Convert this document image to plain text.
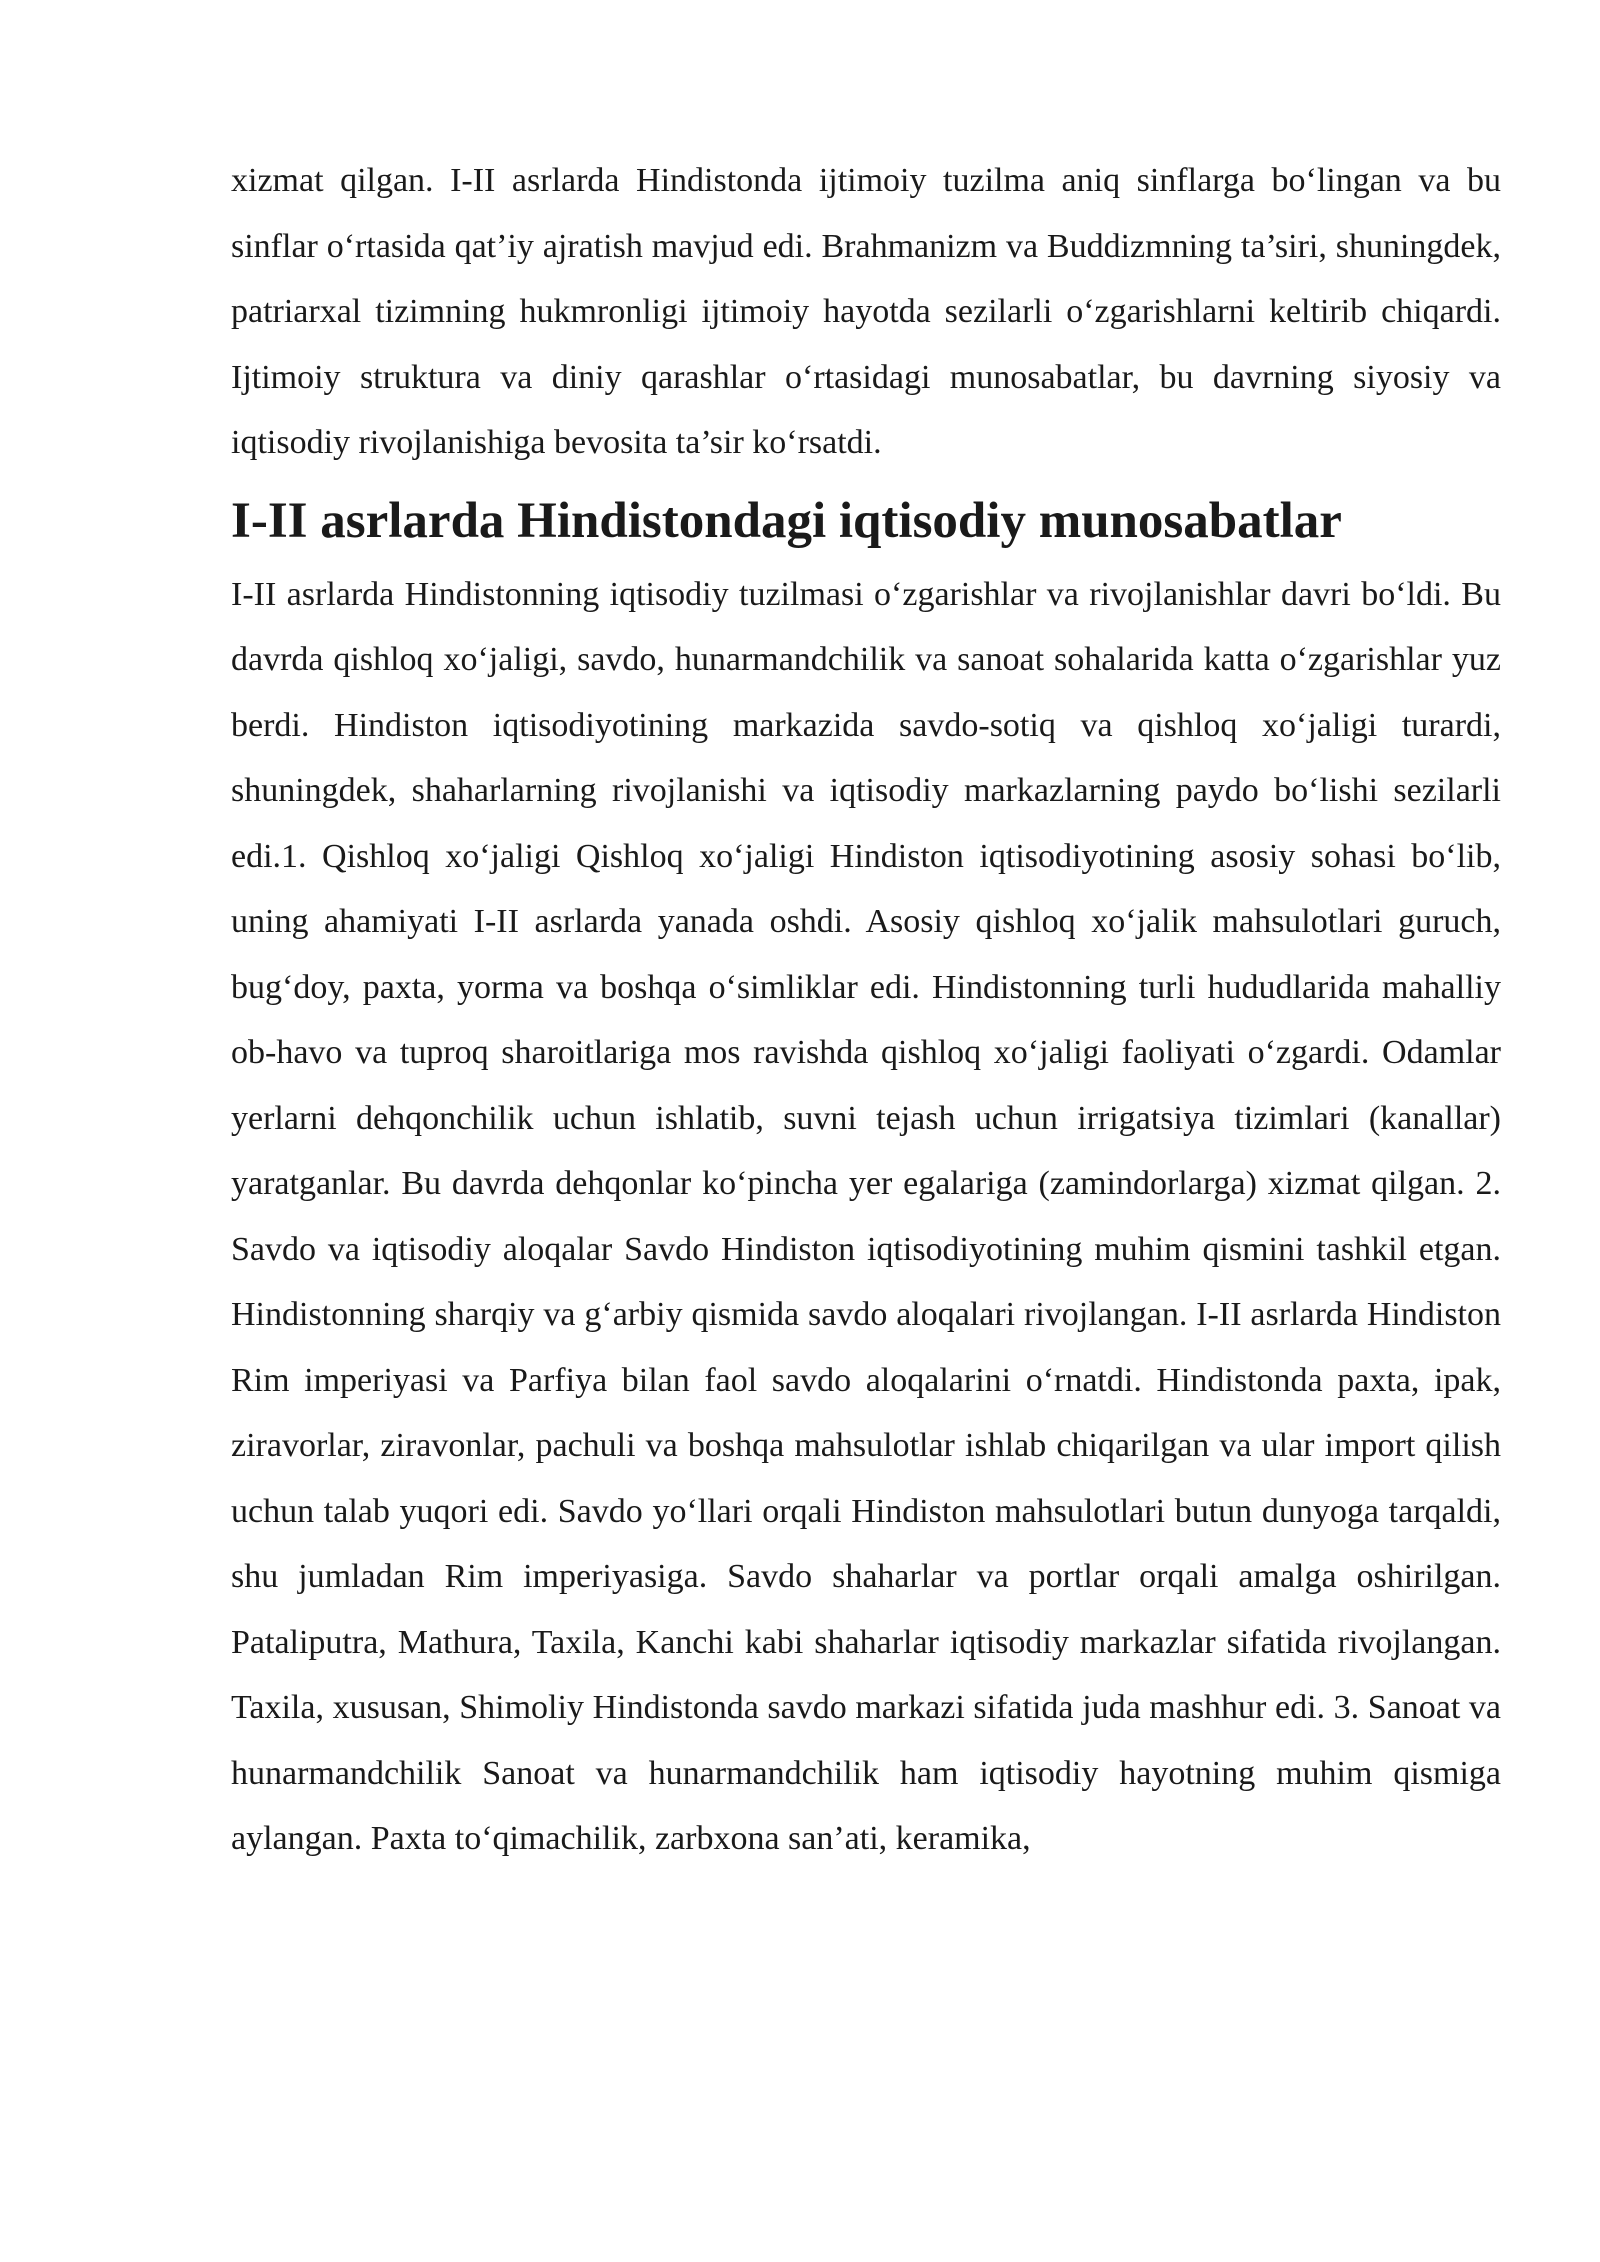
xizmat qilgan. I-II asrlarda Hindistonda ijtimoiy tuzilma aniq sinflarga bo‘lingan va bu sinflar o‘rtasida qat’iy ajratish mavjud edi. Brahmanizm va Buddizmning ta’siri, shuningdek, patriarxal tizimning hukmronligi ijtimoiy hayotda sezilarli o‘zgarishlarni keltirib chiqardi. Ijtimoiy struktura va diniy qarashlar o‘rtasidagi munosabatlar, bu davrning siyosiy va iqtisodiy rivojlanishiga bevosita ta’sir ko‘rsatdi.

I-II asrlarda Hindistondagi iqtisodiy munosabatlar

I-II asrlarda Hindistonning iqtisodiy tuzilmasi o‘zgarishlar va rivojlanishlar davri bo‘ldi. Bu davrda qishloq xo‘jaligi, savdo, hunarmandchilik va sanoat sohalarida katta o‘zgarishlar yuz berdi. Hindiston iqtisodiyotining markazida savdo-sotiq va qishloq xo‘jaligi turardi, shuningdek, shaharlarning rivojlanishi va iqtisodiy markazlarning paydo bo‘lishi sezilarli edi.1. Qishloq xo‘jaligi Qishloq xo‘jaligi Hindiston iqtisodiyotining asosiy sohasi bo‘lib, uning ahamiyati I-II asrlarda yanada oshdi. Asosiy qishloq xo‘jalik mahsulotlari guruch, bug‘doy, paxta, yorma va boshqa o‘simliklar edi. Hindistonning turli hududlarida mahalliy ob-havo va tuproq sharoitlariga mos ravishda qishloq xo‘jaligi faoliyati o‘zgardi. Odamlar yerlarni dehqonchilik uchun ishlatib, suvni tejash uchun irrigatsiya tizimlari (kanallar) yaratganlar. Bu davrda dehqonlar ko‘pincha yer egalariga (zamindorlarga) xizmat qilgan. 2. Savdo va iqtisodiy aloqalar Savdo Hindiston iqtisodiyotining muhim qismini tashkil etgan. Hindistonning sharqiy va g‘arbiy qismida savdo aloqalari rivojlangan. I-II asrlarda Hindiston Rim imperiyasi va Parfiya bilan faol savdo aloqalarini o‘rnatdi. Hindistonda paxta, ipak, ziravorlar, ziravonlar, pachuli va boshqa mahsulotlar ishlab chiqarilgan va ular import qilish uchun talab yuqori edi. Savdo yo‘llari orqali Hindiston mahsulotlari butun dunyoga tarqaldi, shu jumladan Rim imperiyasiga. Savdo shaharlar va portlar orqali amalga oshirilgan. Pataliputra, Mathura, Taxila, Kanchi kabi shaharlar iqtisodiy markazlar sifatida rivojlangan. Taxila, xususan, Shimoliy Hindistonda savdo markazi sifatida juda mashhur edi. 3. Sanoat va hunarmandchilik Sanoat va hunarmandchilik ham iqtisodiy hayotning muhim qismiga aylangan. Paxta to‘qimachilik, zarbxona san’ati, keramika,
